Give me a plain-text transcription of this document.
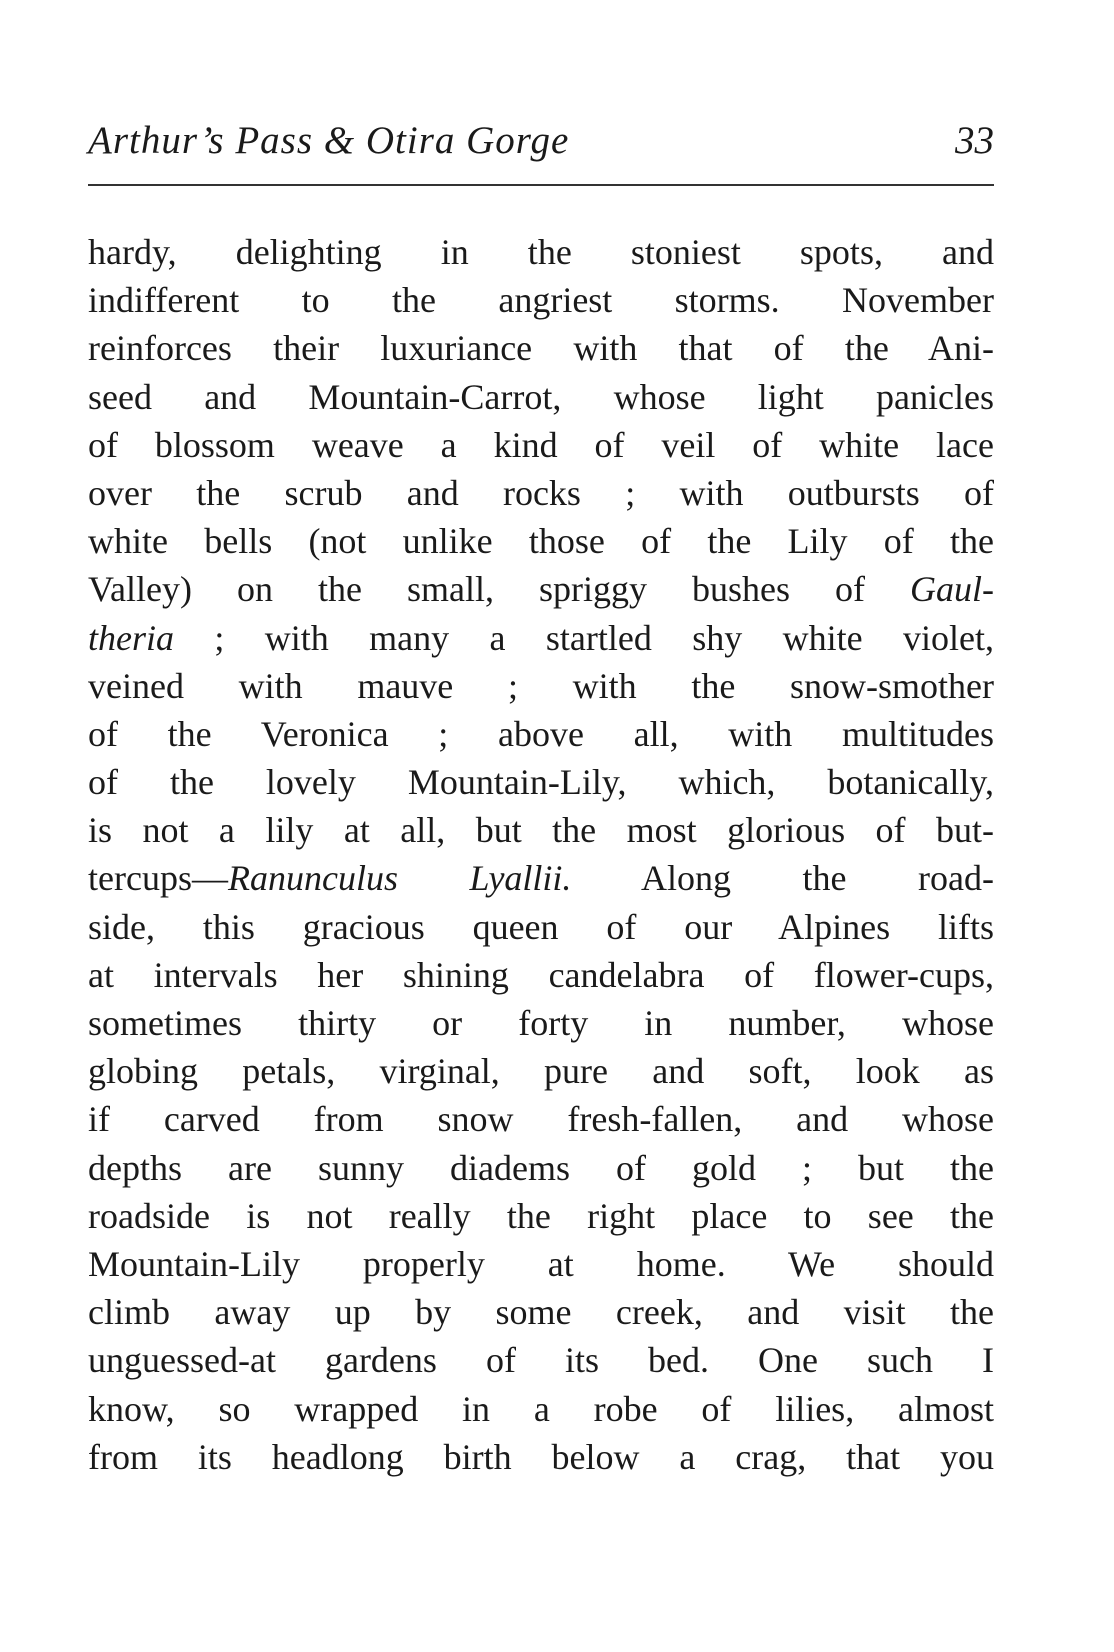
Arthur’s Pass & Otira Gorge	33
hardy, delighting in the stoniest spots, and
indifferent to the angriest storms. November
reinforces their luxuriance with that of the Ani-
seed and Mountain-Carrot, whose light panicles
of blossom weave a kind of veil of white lace
over the scrub and rocks ; with outbursts of
white bells (not unlike those of the Lily of the
Valley) on the small, spriggy bushes of Gaul-
theria ; with many a startled shy white violet,
veined with mauve ; with the snow-smother
of the Veronica ; above all, with multitudes
of the lovely Mountain-Lily, which, botanically,
is not a lily at all, but the most glorious of but-
tercups—Ranunculus Lyallii. Along the road-
side, this gracious queen of our Alpines lifts
at intervals her shining candelabra of flower-cups,
sometimes thirty or forty in number, whose
globing petals, virginal, pure and soft, look as
if carved from snow fresh-fallen, and whose
depths are sunny diadems of gold ; but the
roadside is not really the right place to see the
Mountain-Lily properly at home. We should
climb away up by some creek, and visit the
unguessed-at gardens of its bed. One such I
know, so wrapped in a robe of lilies, almost
from its headlong birth below a crag, that you
